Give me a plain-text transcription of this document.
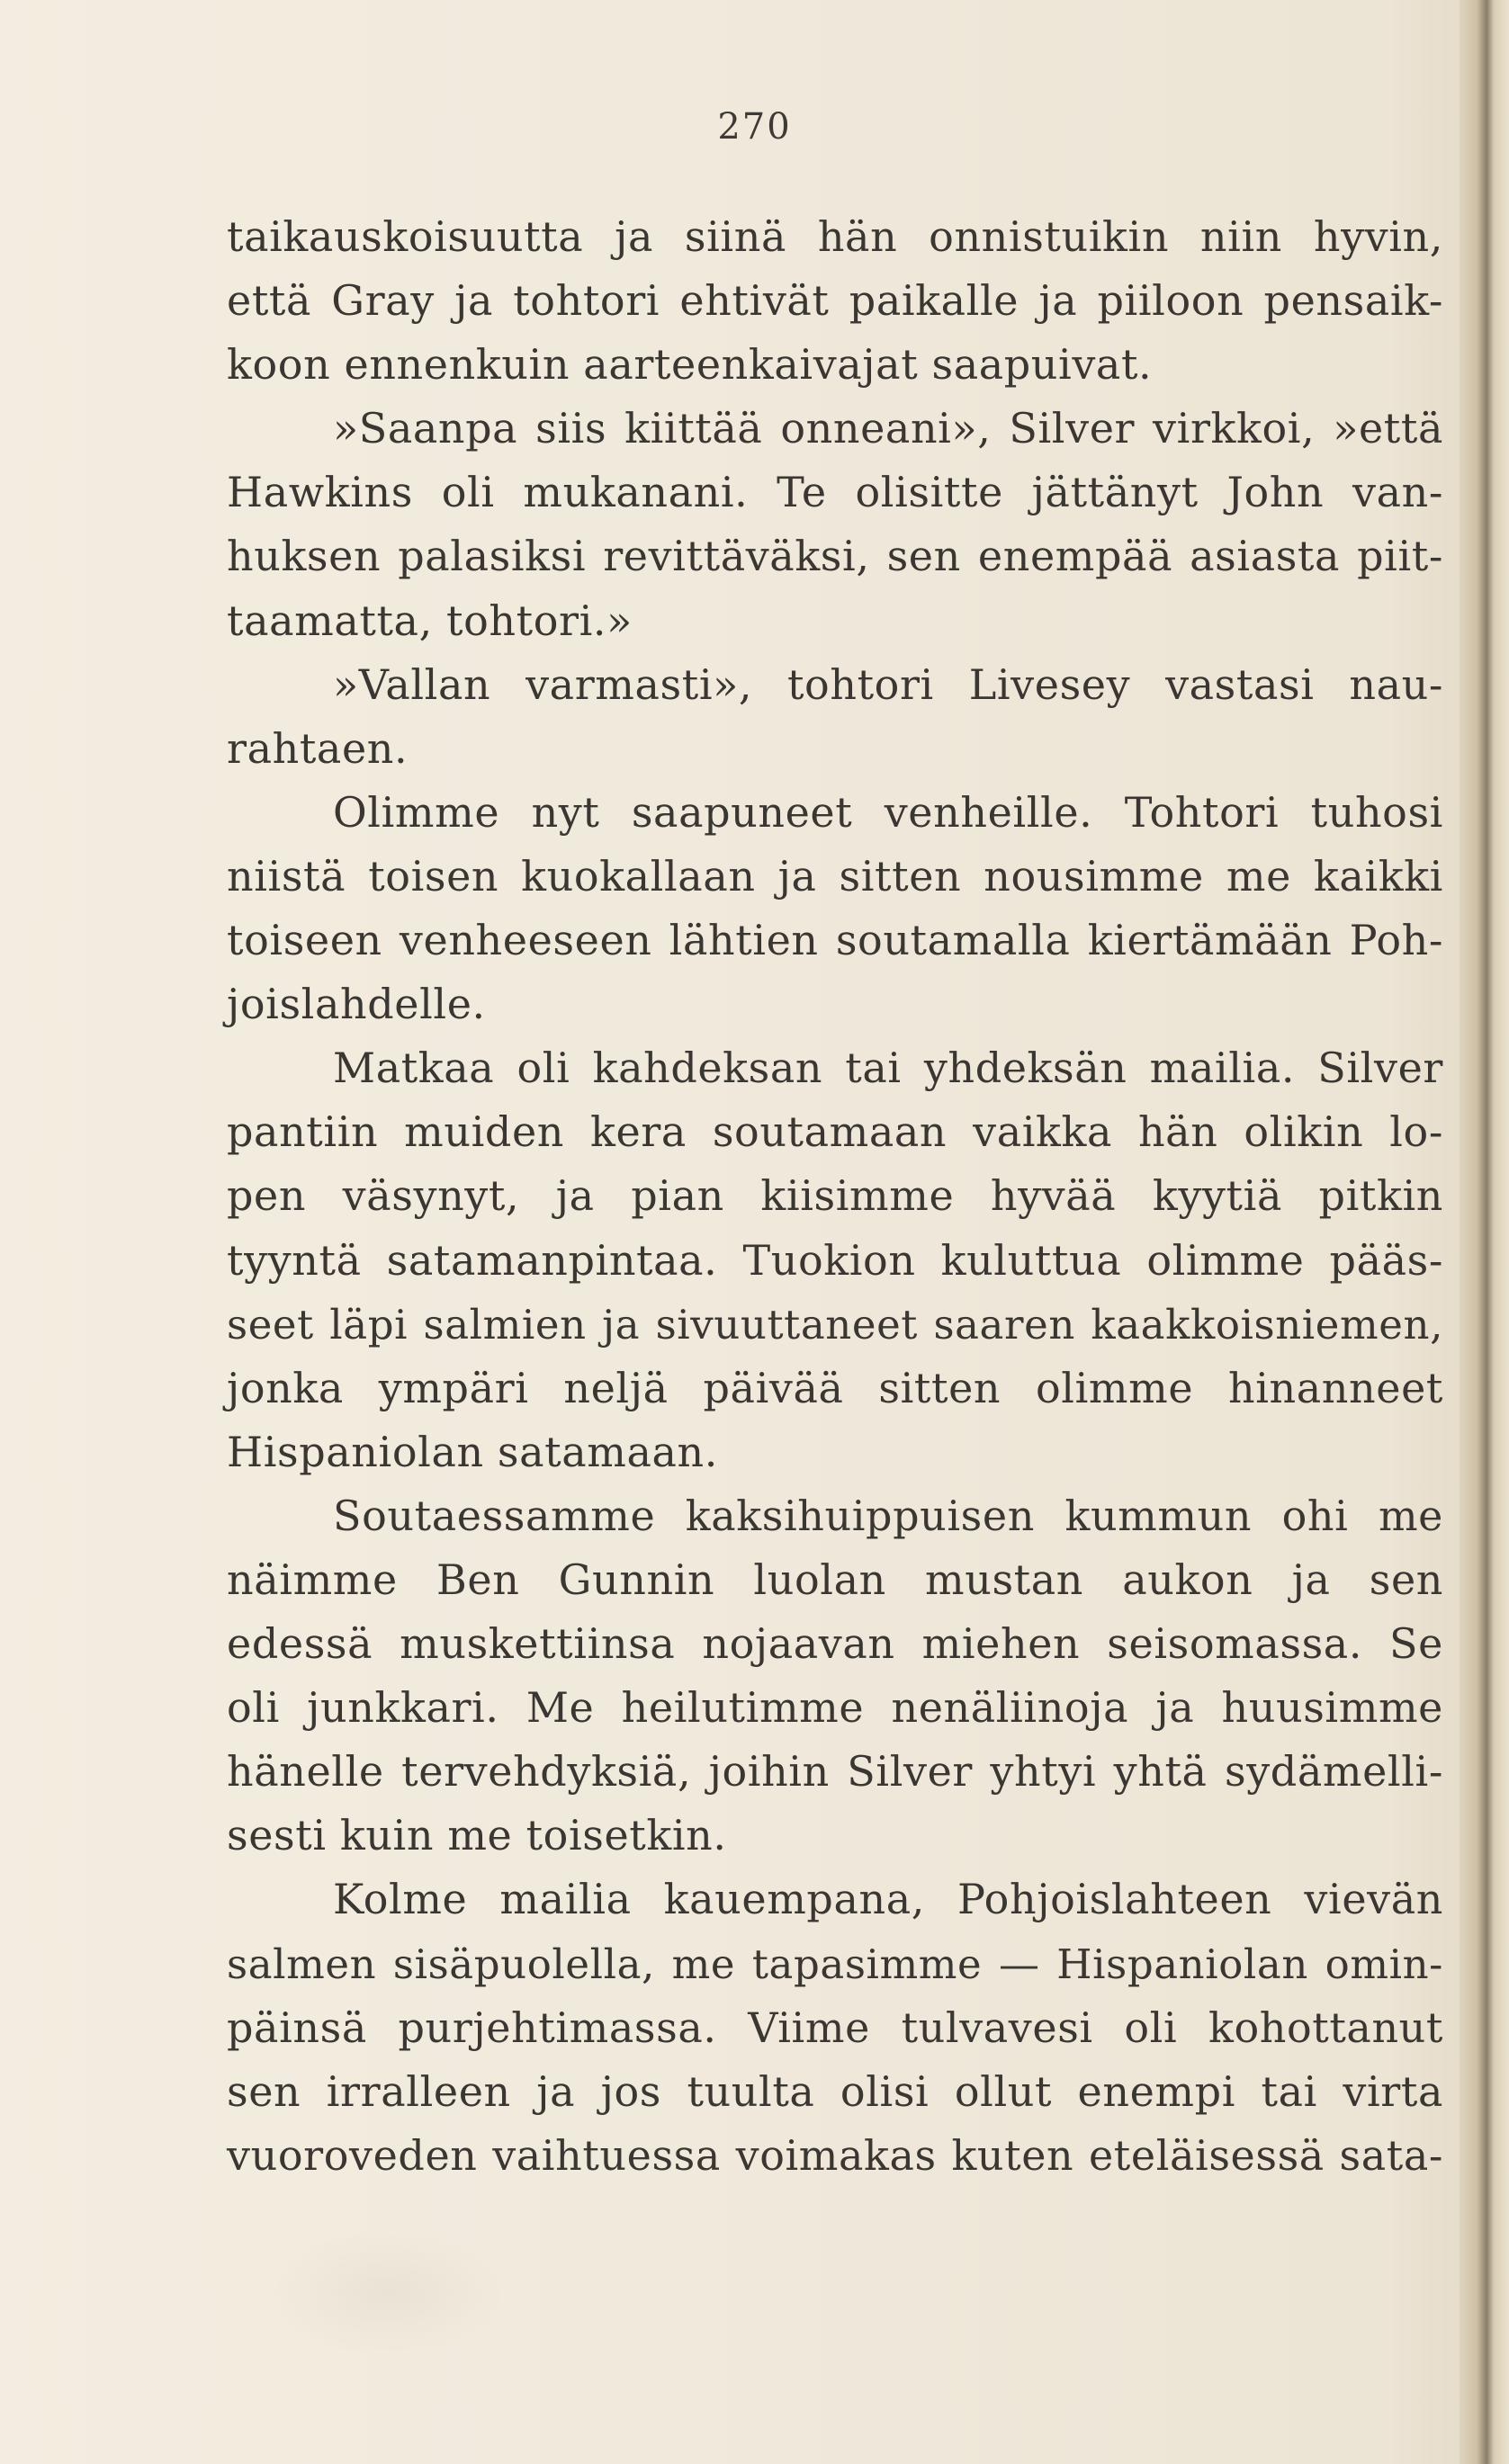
270
taikauskoisuutta ja siinä hän onnistuikin niin hyvin,
että Gray ja tohtori ehtivät paikalle ja piiloon pensaik-
koon ennenkuin aarteenkaivajat saapuivat.
»Saanpa siis kiittää onneani», Silver virkkoi, »että
Hawkins oli mukanani. Te olisitte jättänyt John van-
huksen palasiksi revittäväksi, sen enempää asiasta piit-
taamatta, tohtori.»
»Vallan varmasti», tohtori Livesey vastasi nau-
rahtaen.
Olimme nyt saapuneet venheille. Tohtori tuhosi
niistä toisen kuokallaan ja sitten nousimme me kaikki
toiseen venheeseen lähtien soutamalla kiertämään Poh-
joislahdelle.
Matkaa oli kahdeksan tai yhdeksän mailia. Silver
pantiin muiden kera soutamaan vaikka hän olikin lo-
pen väsynyt, ja pian kiisimme hyvää kyytiä pitkin
tyyntä satamanpintaa. Tuokion kuluttua olimme pääs-
seet läpi salmien ja sivuuttaneet saaren kaakkoisniemen,
jonka ympäri neljä päivää sitten olimme hinanneet
Hispaniolan satamaan.
Soutaessamme kaksihuippuisen kummun ohi me
näimme Ben Gunnin luolan mustan aukon ja sen
edessä muskettiinsa nojaavan miehen seisomassa. Se
oli junkkari. Me heilutimme nenäliinoja ja huusimme
hänelle tervehdyksiä, joihin Silver yhtyi yhtä sydämelli-
sesti kuin me toisetkin.
Kolme mailia kauempana, Pohjoislahteen vievän
salmen sisäpuolella, me tapasimme — Hispaniolan omin-
päinsä purjehtimassa. Viime tulvavesi oli kohottanut
sen irralleen ja jos tuulta olisi ollut enempi tai virta
vuoroveden vaihtuessa voimakas kuten eteläisessä sata-
